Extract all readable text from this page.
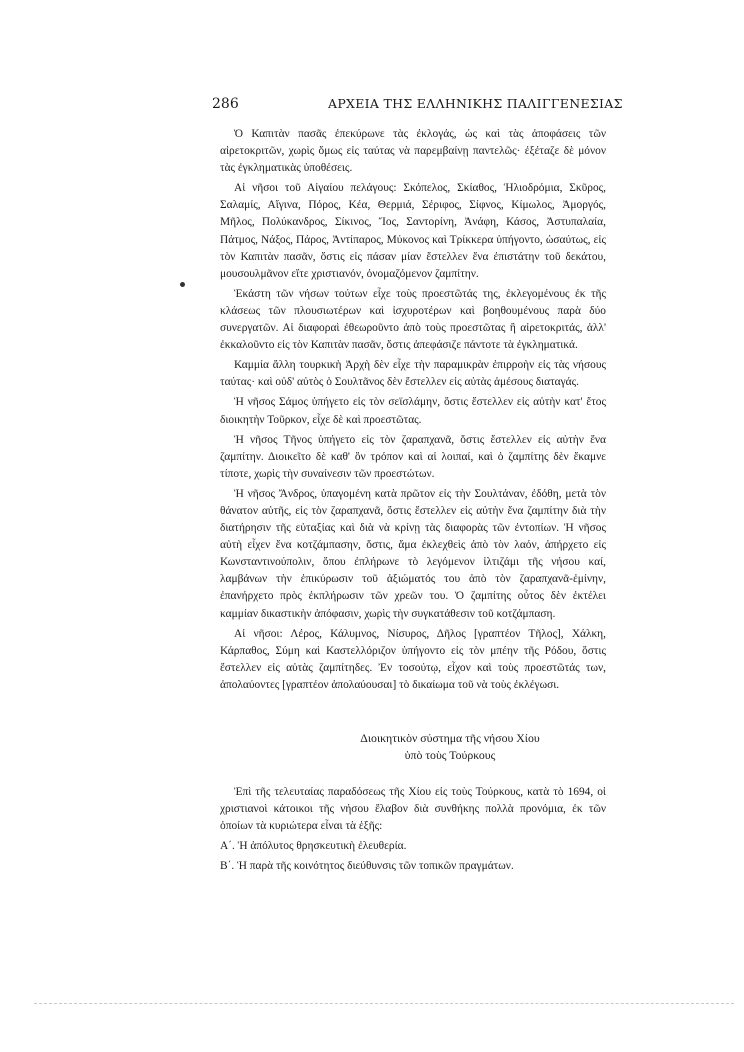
286	ΑΡΧΕΙΑ ΤΗΣ ΕΛΛΗΝΙΚΗΣ ΠΑΛΙΓΓΕΝΕΣΙΑΣ

Ὁ Καπιτὰν πασᾶς ἐπεκύρωνε τὰς ἐκλογάς, ὡς καὶ τὰς ἀποφάσεις τῶν αἱρετοκριτῶν, χωρὶς ὅμως εἰς ταύτας νὰ παρεμβαίνῃ παντελῶς· ἐξέταζε δὲ μόνον τὰς ἐγκληματικὰς ὑποθέσεις.

Αἱ νῆσοι τοῦ Αἰγαίου πελάγους: Σκόπελος, Σκίαθος, Ἡλιοδρόμια, Σκῦρος, Σαλαμίς, Αἴγινα, Πόρος, Κέα, Θερμιά, Σέριφος, Σίφνος, Κίμωλος, Ἀμοργός, Μῆλος, Πολύκανδρος, Σίκινος, Ἴος, Σαντορίνη, Ἀνάφη, Κάσος, Ἀστυπαλαία, Πάτμος, Νάξος, Πάρος, Ἀντίπαρος, Μύκονος καὶ Τρίκκερα ὑπήγοντο, ὡσαύτως, εἰς τὸν Καπιτὰν πασᾶν, ὅστις εἰς πάσαν μίαν ἔστελλεν ἕνα ἐπιστάτην τοῦ δεκάτου, μουσουλμᾶνον εἴτε χριστιανόν, ὀνομαζόμενον ζαμπίτην.

Ἑκάστη τῶν νήσων τούτων εἶχε τοὺς προεστῶτάς της, ἐκλεγομένους ἐκ τῆς κλάσεως τῶν πλουσιωτέρων καὶ ἰσχυροτέρων καὶ βοηθουμένους παρὰ δύο συνεργατῶν. Αἱ διαφοραὶ ἐθεωροῦντο ἀπὸ τοὺς προεστῶτας ἢ αἱρετοκριτάς, ἀλλ' ἐκκαλοῦντο εἰς τὸν Καπιτὰν πασᾶν, ὅστις ἀπεφάσιζε πάντοτε τὰ ἐγκληματικά.

Καμμία ἄλλη τουρκικὴ Ἀρχὴ δὲν εἶχε τὴν παραμικρὰν ἐπιρροὴν εἰς τὰς νήσους ταύτας· καὶ οὐδ' αὐτὸς ὁ Σουλτᾶνος δὲν ἔστελλεν εἰς αὐτὰς ἀμέσους διαταγάς.

Ἡ νῆσος Σάμος ὑπήγετο εἰς τὸν σεϊσλάμην, ὅστις ἔστελλεν εἰς αὐτὴν κατ' ἔτος διοικητὴν Τοῦρκον, εἶχε δὲ καὶ προεστῶτας.

Ἡ νῆσος Τῆνος ὑπήγετο εἰς τὸν ζαραπχανᾶ, ὅστις ἔστελλεν εἰς αὐτὴν ἕνα ζαμπίτην. Διοικεῖτο δὲ καθ' ὃν τρόπον καὶ αἱ λοιπαί, καὶ ὁ ζαμπίτης δὲν ἔκαμνε τίποτε, χωρὶς τὴν συναίνεσιν τῶν προεστώτων.

Ἡ νῆσος Ἄνδρος, ὑπαγομένη κατὰ πρῶτον εἰς τὴν Σουλτάναν, ἐδόθη, μετὰ τὸν θάνατον αὐτῆς, εἰς τὸν ζαραπχανᾶ, ὅστις ἔστελλεν εἰς αὐτὴν ἕνα ζαμπίτην διὰ τὴν διατήρησιν τῆς εὐταξίας καὶ διὰ νὰ κρίνῃ τὰς διαφορὰς τῶν ἐντοπίων. Ἡ νῆσος αὐτὴ εἶχεν ἕνα κοτζάμπασην, ὅστις, ἅμα ἐκλεχθεὶς ἀπὸ τὸν λαόν, ἀπήρχετο εἰς Κωνσταντινούπολιν, ὅπου ἐπλήρωνε τὸ λεγόμενον ἰλτιζάμι τῆς νήσου καί, λαμβάνων τὴν ἐπικύρωσιν τοῦ ἀξιώματός του ἀπὸ τὸν ζαραπχανᾶ-ἐμίνην, ἐπανήρχετο πρὸς ἐκπλήρωσιν τῶν χρεῶν του. Ὁ ζαμπίτης οὗτος δὲν ἐκτέλει καμμίαν δικαστικὴν ἀπόφασιν, χωρὶς τὴν συγκατάθεσιν τοῦ κοτζάμπαση.

Αἱ νῆσοι: Λέρος, Κάλυμνος, Νίσυρος, Δῆλος [γραπτέον Τῆλος], Χάλκη, Κάρπαθος, Σύμη καὶ Καστελλόριζον ὑπήγοντο εἰς τὸν μπέην τῆς Ρόδου, ὅστις ἔστελλεν εἰς αὐτὰς ζαμπίτηδες. Ἐν τοσούτῳ, εἶχον καὶ τοὺς προεστῶτάς των, ἀπολαύοντες [γραπτέον ἀπολαύουσαι] τὸ δικαίωμα τοῦ νὰ τοὺς ἐκλέγωσι.

Διοικητικὸν σύστημα τῆς νήσου Χίου
ὑπὸ τοὺς Τούρκους

Ἐπὶ τῆς τελευταίας παραδόσεως τῆς Χίου εἰς τοὺς Τούρκους, κατὰ τὸ 1694, οἱ χριστιανοὶ κάτοικοι τῆς νήσου ἔλαβον διὰ συνθήκης πολλὰ προνόμια, ἐκ τῶν ὁποίων τὰ κυριώτερα εἶναι τὰ ἑξῆς:

Α΄. Ἡ ἀπόλυτος θρησκευτικὴ ἐλευθερία.

Β΄. Ἡ παρὰ τῆς κοινότητος διεύθυνσις τῶν τοπικῶν πραγμάτων.
